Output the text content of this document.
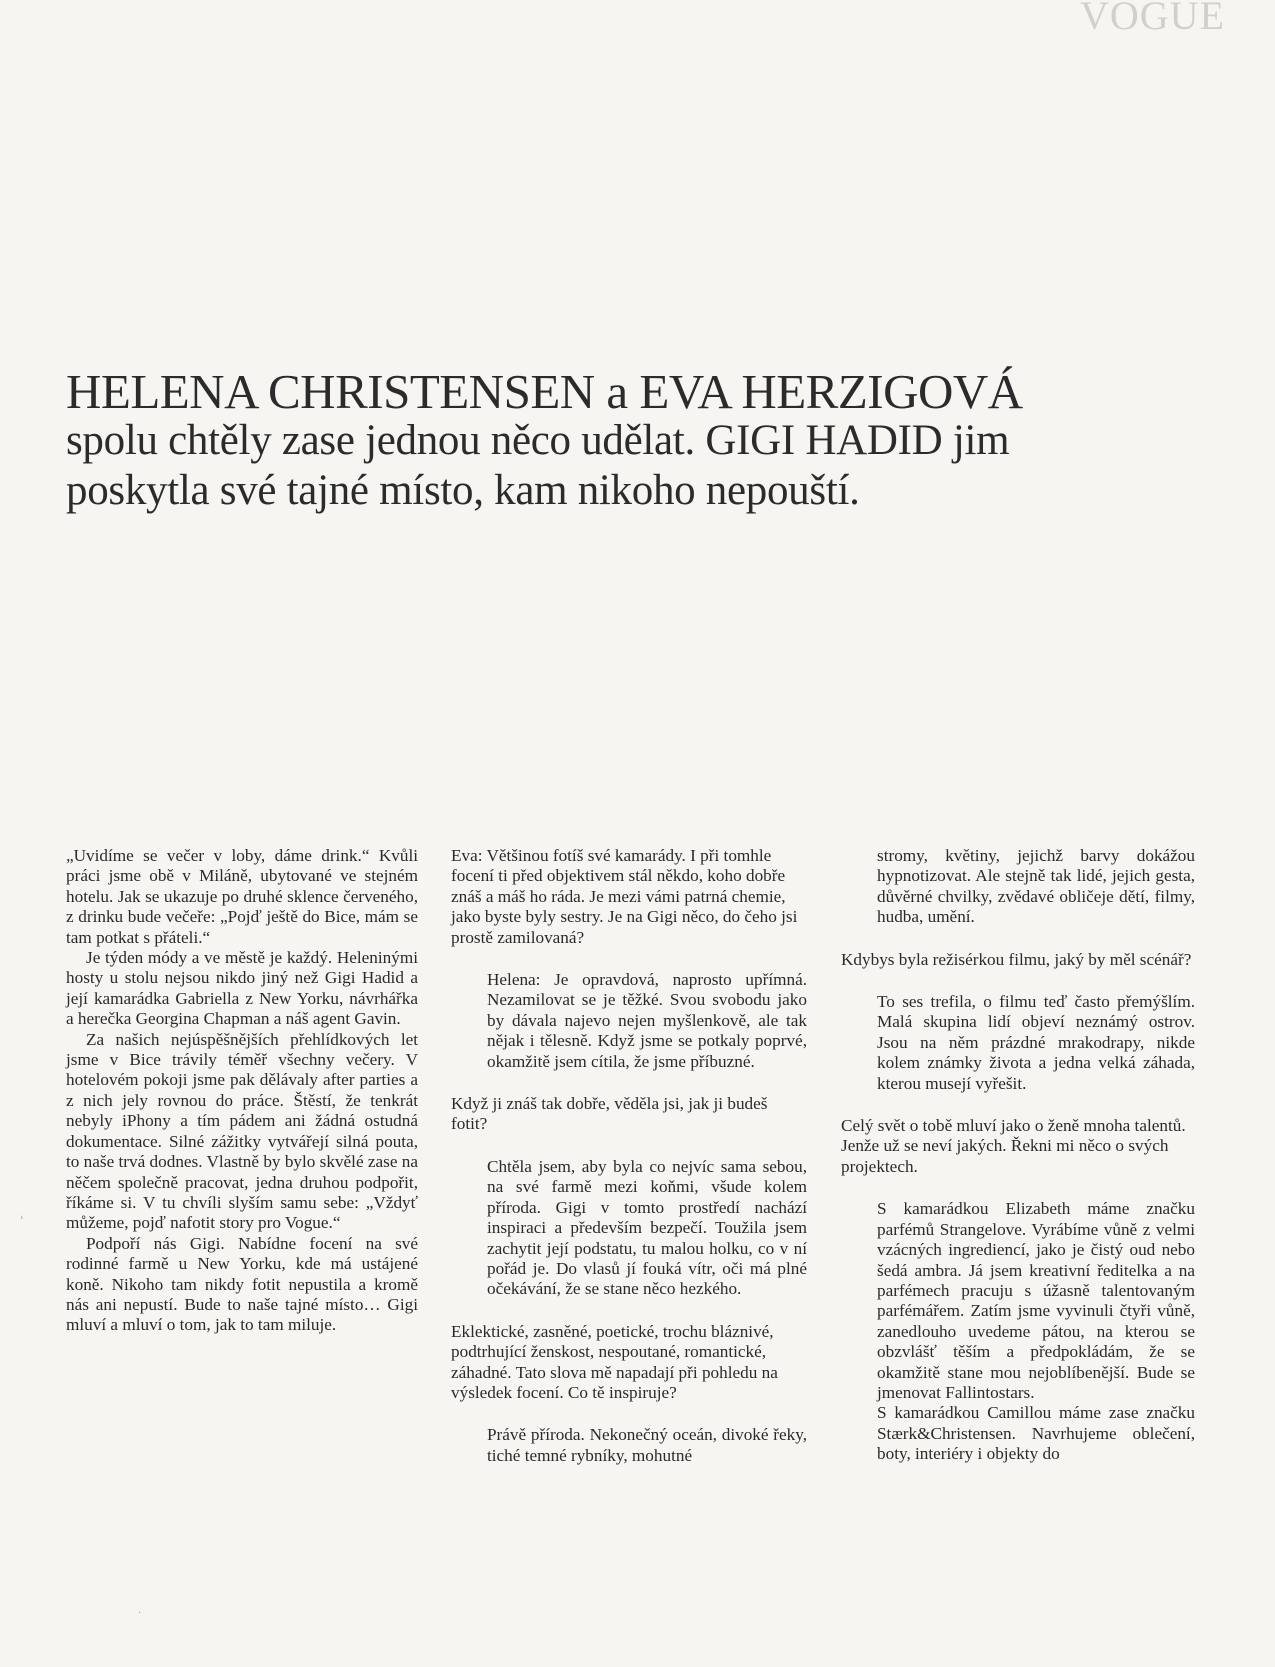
VOGUE
HELENA CHRISTENSEN a EVA HERZIGOVÁ
spolu chtěly zase jednou něco udělat. GIGI HADID jim
poskytla své tajné místo, kam nikoho nepouští.

„Uvidíme se večer v loby, dáme drink.“ Kvůli práci jsme obě v Miláně, ubytované ve stejném hotelu. Jak se ukazuje po druhé sklence červeného, z drinku bude večeře: „Pojď ještě do Bice, mám se tam potkat s přáteli.“

Je týden módy a ve městě je každý. Heleninými hosty u stolu nejsou nikdo jiný než Gigi Hadid a její kamarádka Gabriella z New Yorku, návrhářka a herečka Georgina Chapman a náš agent Gavin.

Za našich nejúspěšnějších přehlídkových let jsme v Bice trávily téměř všechny večery. V hotelovém pokoji jsme pak dělávaly after parties a z nich jely rovnou do práce. Štěstí, že tenkrát nebyly iPhony a tím pádem ani žádná ostudná dokumentace. Silné zážitky vytvářejí silná pouta, to naše trvá dodnes. Vlastně by bylo skvělé zase na něčem společně pracovat, jedna druhou podpořit, říkáme si. V tu chvíli slyším samu sebe: „Vždyť můžeme, pojď nafotit story pro Vogue.“

Podpoří nás Gigi. Nabídne focení na své rodinné farmě u New Yorku, kde má ustájené koně. Nikoho tam nikdy fotit nepustila a kromě nás ani nepustí. Bude to naše tajné místo… Gigi mluví a mluví o tom, jak to tam miluje.

Eva: Většinou fotíš své kamarády. I při tomhle focení ti před objektivem stál někdo, koho dobře znáš a máš ho ráda. Je mezi vámi patrná chemie, jako byste byly sestry. Je na Gigi něco, do čeho jsi prostě zamilovaná?

Helena: Je opravdová, naprosto upřímná. Nezamilovat se je těžké. Svou svobodu jako by dávala najevo nejen myšlenkově, ale tak nějak i tělesně. Když jsme se potkaly poprvé, okamžitě jsem cítila, že jsme příbuzné.

Když ji znáš tak dobře, věděla jsi, jak ji budeš fotit?

Chtěla jsem, aby byla co nejvíc sama sebou, na své farmě mezi koňmi, všude kolem příroda. Gigi v tomto prostředí nachází inspiraci a především bezpečí. Toužila jsem zachytit její podstatu, tu malou holku, co v ní pořád je. Do vlasů jí fouká vítr, oči má plné očekávání, že se stane něco hezkého.

Eklektické, zasněné, poetické, trochu bláznivé, podtrhující ženskost, nespoutané, romantické, záhadné. Tato slova mě napadají při pohledu na výsledek focení. Co tě inspiruje?

Právě příroda. Nekonečný oceán, divoké řeky, tiché temné rybníky, mohutné

stromy, květiny, jejichž barvy dokážou hypnotizovat. Ale stejně tak lidé, jejich gesta, důvěrné chvilky, zvědavé obličeje dětí, filmy, hudba, umění.

Kdybys byla režisérkou filmu, jaký by měl scénář?

To ses trefila, o filmu teď často přemýšlím. Malá skupina lidí objeví neznámý ostrov. Jsou na něm prázdné mrakodrapy, nikde kolem známky života a jedna velká záhada, kterou musejí vyřešit.

Celý svět o tobě mluví jako o ženě mnoha talentů. Jenže už se neví jakých. Řekni mi něco o svých projektech.

S kamarádkou Elizabeth máme značku parfémů Strangelove. Vyrábíme vůně z velmi vzácných ingrediencí, jako je čistý oud nebo šedá ambra. Já jsem kreativní ředitelka a na parfémech pracuju s úžasně talentovaným parfémářem. Zatím jsme vyvinuli čtyři vůně, zanedlouho uvedeme pátou, na kterou se obzvlášť těším a předpokládám, že se okamžitě stane mou nejoblíbenější. Bude se jmenovat Fallintostars.

S kamarádkou Camillou máme zase značku Stærk&Christensen. Navrhujeme oblečení, boty, interiéry i objekty do

›
·
